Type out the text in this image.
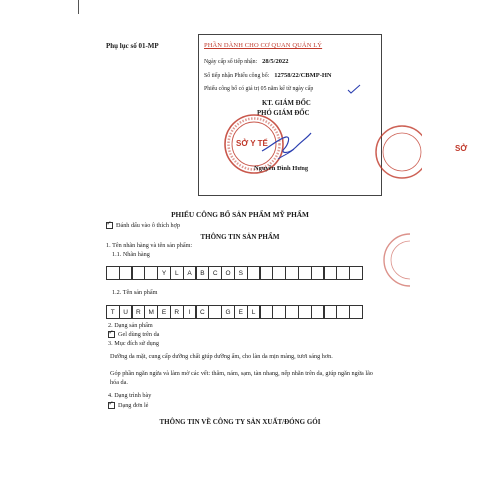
Phụ lục số 01-MP	PHẦN DÀNH CHO CƠ QUAN QUẢN LÝ
Ngày cấp số tiếp nhận: 28/5/2022
Số tiếp nhận Phiếu công bố: 12758/22/CBMP-HN
Phiếu công bố có giá trị 05 năm kể từ ngày cấp
KT. GIÁM ĐỐC
PHÓ GIÁM ĐỐC
SỞ Y TẾ
Nguyễn Đình Hưng
SỞ
PHIẾU CÔNG BỐ SẢN PHẨM MỸ PHẨM
✓
Đánh dấu vào ô thích hợp
THÔNG TIN SẢN PHẨM
1. Tên nhãn hàng và tên sản phẩm:
1.1. Nhãn hàng
Y	L	A	B	C	O	S
1.2. Tên sản phẩm
T	U	R	M	E	R	I	C	G	E	L
2. Dạng sản phẩm
✓
Gel dùng trên da
3. Mục đích sử dụng
Dưỡng da mặt, cung cấp dưỡng chất giúp dưỡng ẩm, cho làn da mịn màng, tươi sáng hơn.
Góp phần ngăn ngừa và làm mờ các vết: thâm, nám, sạm, tàn nhang, nếp nhăn trên da, giúp ngăn ngừa lão hóa da.
4. Dạng trình bày
✓
Dạng đơn lẻ
THÔNG TIN VỀ CÔNG TY SẢN XUẤT/ĐÓNG GÓI
